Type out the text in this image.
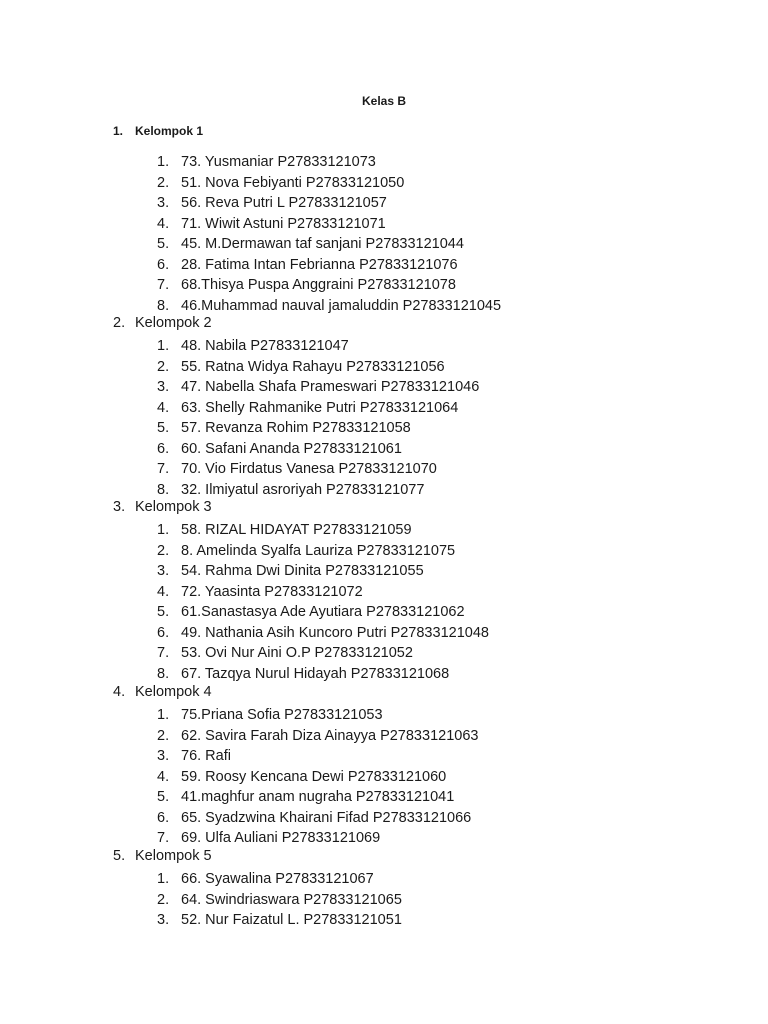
Kelas B
1. Kelompok 1
1. 73. Yusmaniar P27833121073
2. 51. Nova Febiyanti P27833121050
3. 56. Reva Putri L P27833121057
4. 71. Wiwit Astuni P27833121071
5. 45. M.Dermawan taf sanjani P27833121044
6. 28. Fatima Intan Febrianna P27833121076
7. 68.Thisya Puspa Anggraini P27833121078
8. 46.Muhammad nauval jamaluddin P27833121045
2. Kelompok 2
1. 48. Nabila P27833121047
2. 55. Ratna Widya Rahayu P27833121056
3. 47. Nabella Shafa Prameswari P27833121046
4. 63. Shelly Rahmanike Putri P27833121064
5. 57. Revanza Rohim P27833121058
6. 60. Safani Ananda P27833121061
7. 70. Vio Firdatus Vanesa P27833121070
8. 32. Ilmiyatul asroriyah P27833121077
3. Kelompok 3
1. 58. RIZAL HIDAYAT P27833121059
2. 8. Amelinda Syalfa Lauriza P27833121075
3. 54. Rahma Dwi Dinita P27833121055
4. 72. Yaasinta P27833121072
5. 61.Sanastasya Ade Ayutiara P27833121062
6. 49. Nathania Asih Kuncoro Putri P27833121048
7. 53. Ovi Nur Aini O.P P27833121052
8. 67. Tazqya Nurul Hidayah P27833121068
4. Kelompok 4
1. 75.Priana Sofia P27833121053
2. 62. Savira Farah Diza Ainayya P27833121063
3. 76. Rafi
4. 59. Roosy Kencana Dewi P27833121060
5. 41.maghfur anam nugraha P27833121041
6. 65. Syadzwina Khairani Fifad P27833121066
7. 69. Ulfa Auliani P27833121069
5. Kelompok 5
1. 66. Syawalina P27833121067
2. 64. Swindriaswara P27833121065
3. 52. Nur Faizatul L. P27833121051
